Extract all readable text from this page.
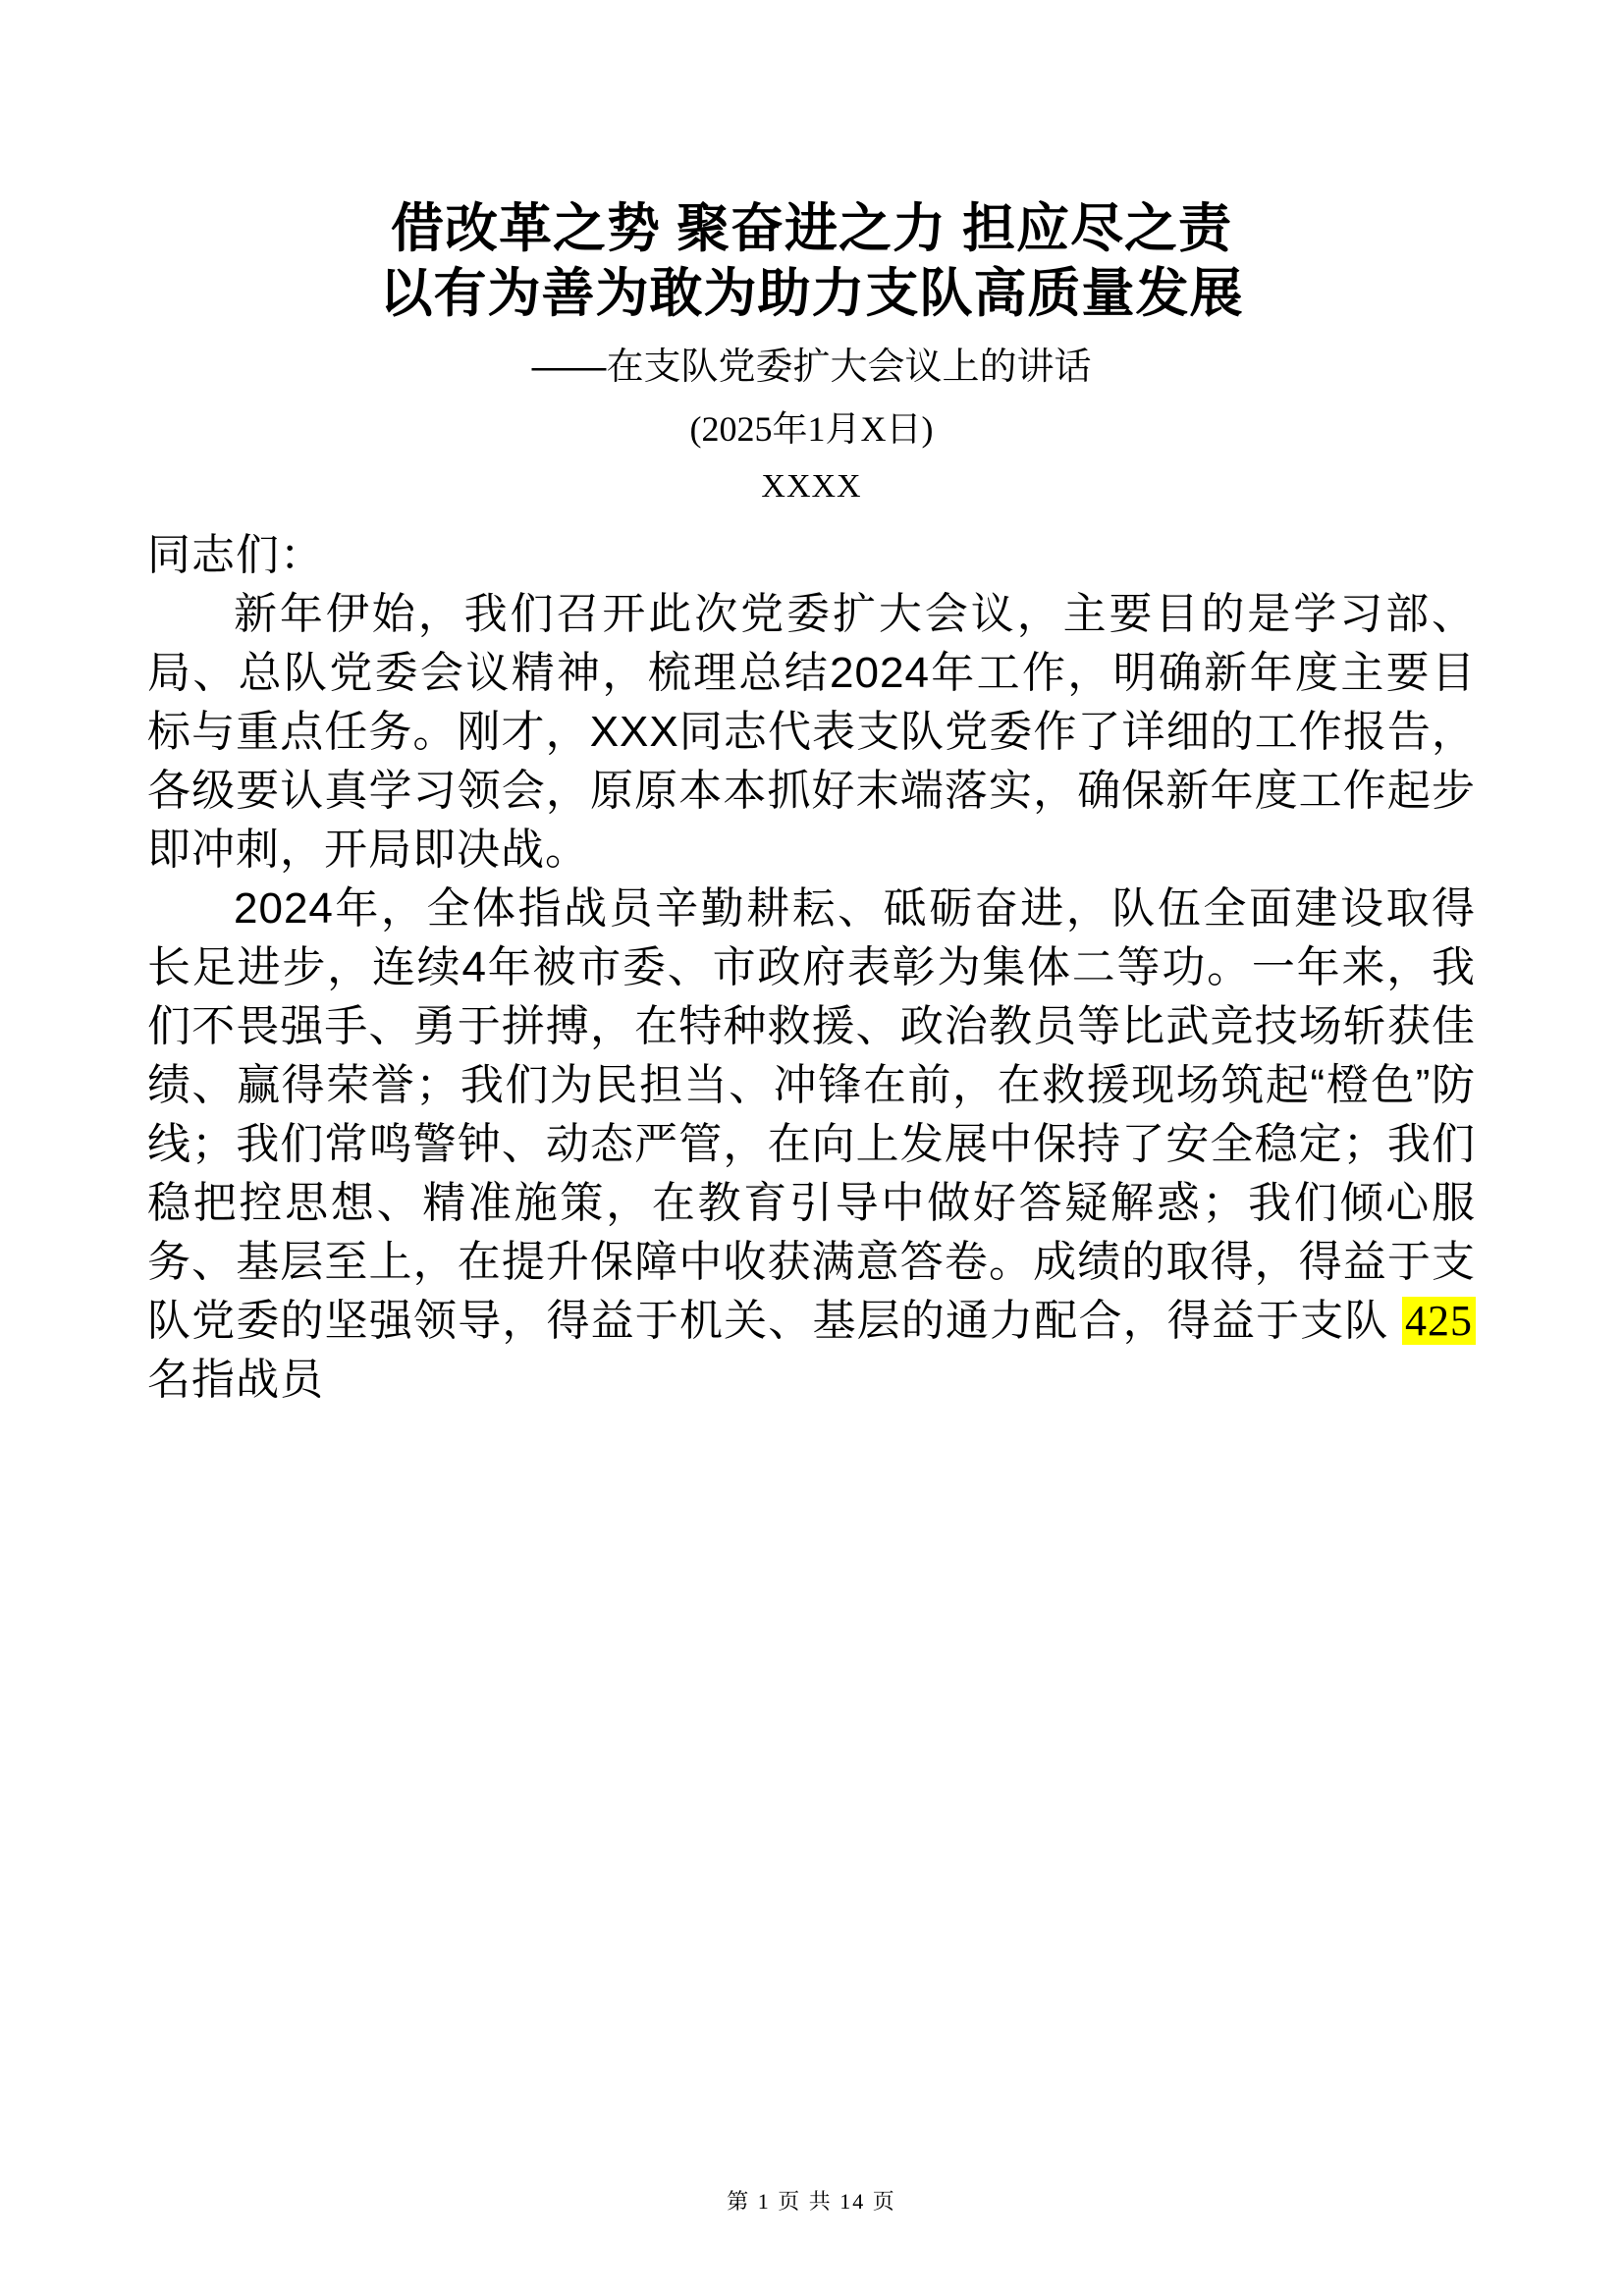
借改革之势 聚奋进之力 担应尽之责
以有为善为敢为助力支队高质量发展
——在支队党委扩大会议上的讲话
(2025年1月X日)
XXXX

同志们：

新年伊始，我们召开此次党委扩大会议，主要目的是学习部、局、总队党委会议精神，梳理总结2024年工作，明确新年度主要目标与重点任务。刚才，XXX同志代表支队党委作了详细的工作报告，各级要认真学习领会，原原本本抓好末端落实，确保新年度工作起步即冲刺，开局即决战。

2024年，全体指战员辛勤耕耘、砥砺奋进，队伍全面建设取得长足进步，连续4年被市委、市政府表彰为集体二等功。一年来，我们不畏强手、勇于拼搏，在特种救援、政治教员等比武竞技场斩获佳绩、赢得荣誉；我们为民担当、冲锋在前，在救援现场筑起“橙色”防线；我们常鸣警钟、动态严管，在向上发展中保持了安全稳定；我们稳把控思想、精准施策，在教育引导中做好答疑解惑；我们倾心服务、基层至上，在提升保障中收获满意答卷。成绩的取得，得益于支队党委的坚强领导，得益于机关、基层的通力配合，得益于支队 425 名指战员

第 1 页 共 14 页
